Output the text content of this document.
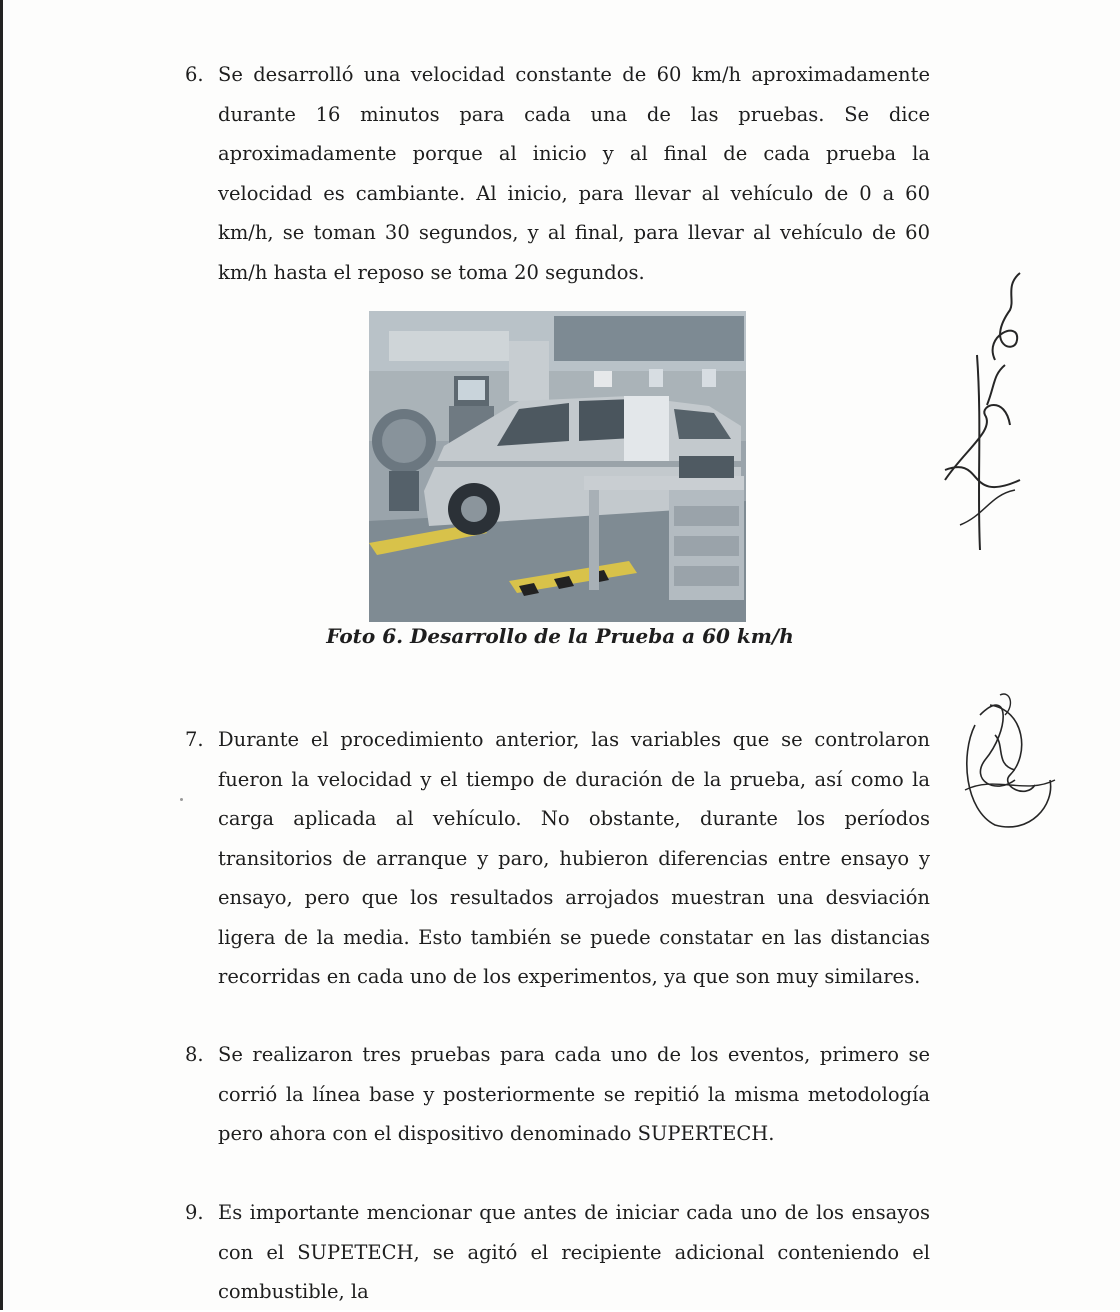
6. Se desarrolló una velocidad constante de 60 km/h aproximadamente durante 16 minutos para cada una de las pruebas. Se dice aproximadamente porque al inicio y al final de cada prueba la velocidad es cambiante. Al inicio, para llevar al vehículo de 0 a 60 km/h, se toman 30 segundos, y al final, para llevar al vehículo de 60 km/h hasta el reposo se toma 20 segundos.
Foto 6. Desarrollo de la Prueba a 60 km/h
7. Durante el procedimiento anterior, las variables que se controlaron fueron la velocidad y el tiempo de duración de la prueba, así como la carga aplicada al vehículo. No obstante, durante los períodos transitorios de arranque y paro, hubieron diferencias entre ensayo y ensayo, pero que los resultados arrojados muestran una desviación ligera de la media. Esto también se puede constatar en las distancias recorridas en cada uno de los experimentos, ya que son muy similares.
8. Se realizaron tres pruebas para cada uno de los eventos, primero se corrió la línea base y posteriormente se repitió la misma metodología pero ahora con el dispositivo denominado SUPERTECH.
9. Es importante mencionar que antes de iniciar cada uno de los ensayos con el SUPETECH, se agitó el recipiente adicional conteniendo el combustible, la
